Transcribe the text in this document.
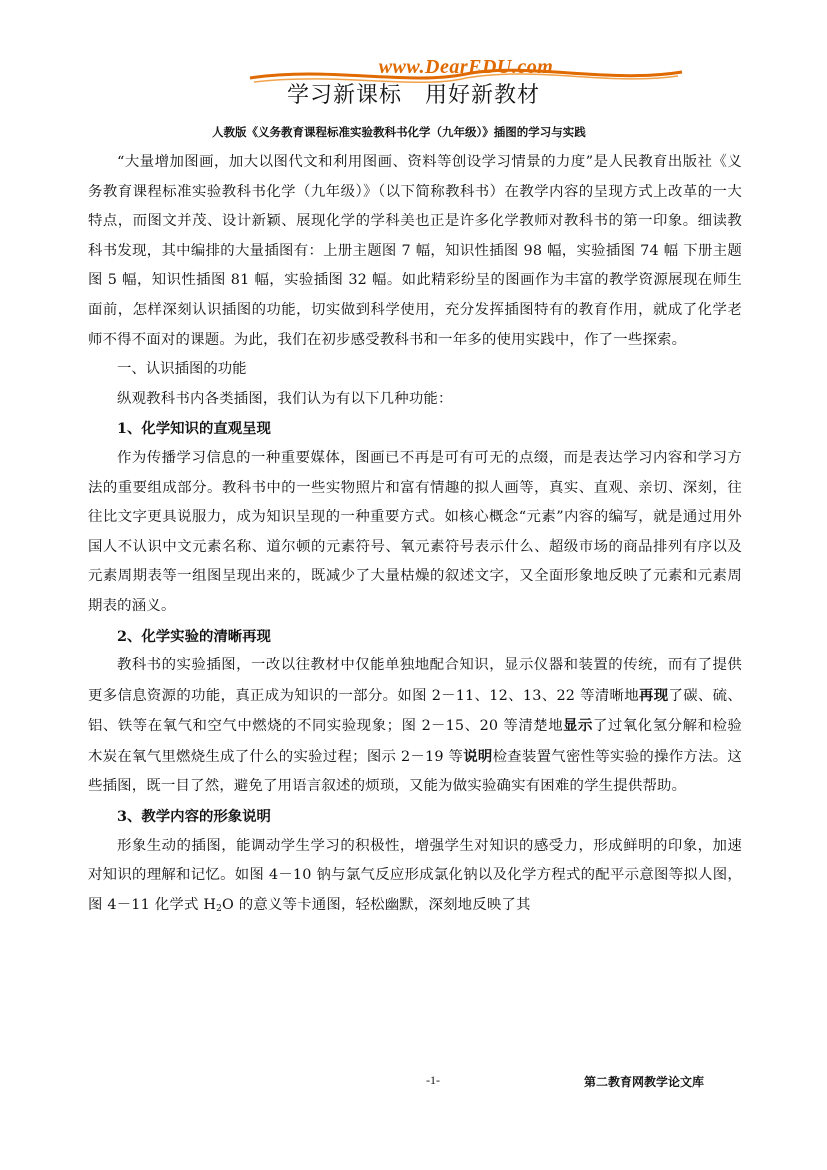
www.DearEDU.com
学习新课标　用好新教材
人教版《义务教育课程标准实验教科书化学（九年级）》插图的学习与实践

“大量增加图画，加大以图代文和利用图画、资料等创设学习情景的力度”是人民教育出版社《义务教育课程标准实验教科书化学（九年级）》（以下简称教科书）在教学内容的呈现方式上改革的一大特点，而图文并茂、设计新颖、展现化学的学科美也正是许多化学教师对教科书的第一印象。细读教科书发现，其中编排的大量插图有：上册主题图 7 幅，知识性插图 98 幅，实验插图 74 幅 下册主题图 5 幅，知识性插图 81 幅，实验插图 32 幅。如此精彩纷呈的图画作为丰富的教学资源展现在师生面前，怎样深刻认识插图的功能，切实做到科学使用，充分发挥插图特有的教育作用，就成了化学老师不得不面对的课题。为此，我们在初步感受教科书和一年多的使用实践中，作了一些探索。

一、认识插图的功能

纵观教科书内各类插图，我们认为有以下几种功能：

1、化学知识的直观呈现

作为传播学习信息的一种重要媒体，图画已不再是可有可无的点缀，而是表达学习内容和学习方法的重要组成部分。教科书中的一些实物照片和富有情趣的拟人画等，真实、直观、亲切、深刻，往往比文字更具说服力，成为知识呈现的一种重要方式。如核心概念“元素”内容的编写，就是通过用外国人不认识中文元素名称、道尔顿的元素符号、氧元素符号表示什么、超级市场的商品排列有序以及元素周期表等一组图呈现出来的，既减少了大量枯燥的叙述文字，又全面形象地反映了元素和元素周期表的涵义。

2、化学实验的清晰再现

教科书的实验插图，一改以往教材中仅能单独地配合知识，显示仪器和装置的传统，而有了提供更多信息资源的功能，真正成为知识的一部分。如图 2－11、12、13、22 等清晰地再现了碳、硫、铝、铁等在氧气和空气中燃烧的不同实验现象；图 2－15、20 等清楚地显示了过氧化氢分解和检验木炭在氧气里燃烧生成了什么的实验过程；图示 2－19 等说明检查装置气密性等实验的操作方法。这些插图，既一目了然，避免了用语言叙述的烦琐，又能为做实验确实有困难的学生提供帮助。

3、教学内容的形象说明

形象生动的插图，能调动学生学习的积极性，增强学生对知识的感受力，形成鲜明的印象，加速对知识的理解和记忆。如图 4－10 钠与氯气反应形成氯化钠以及化学方程式的配平示意图等拟人图，图 4－11 化学式 $H_2O$ 的意义等卡通图，轻松幽默，深刻地反映了其

-1-	第二教育网教学论文库
